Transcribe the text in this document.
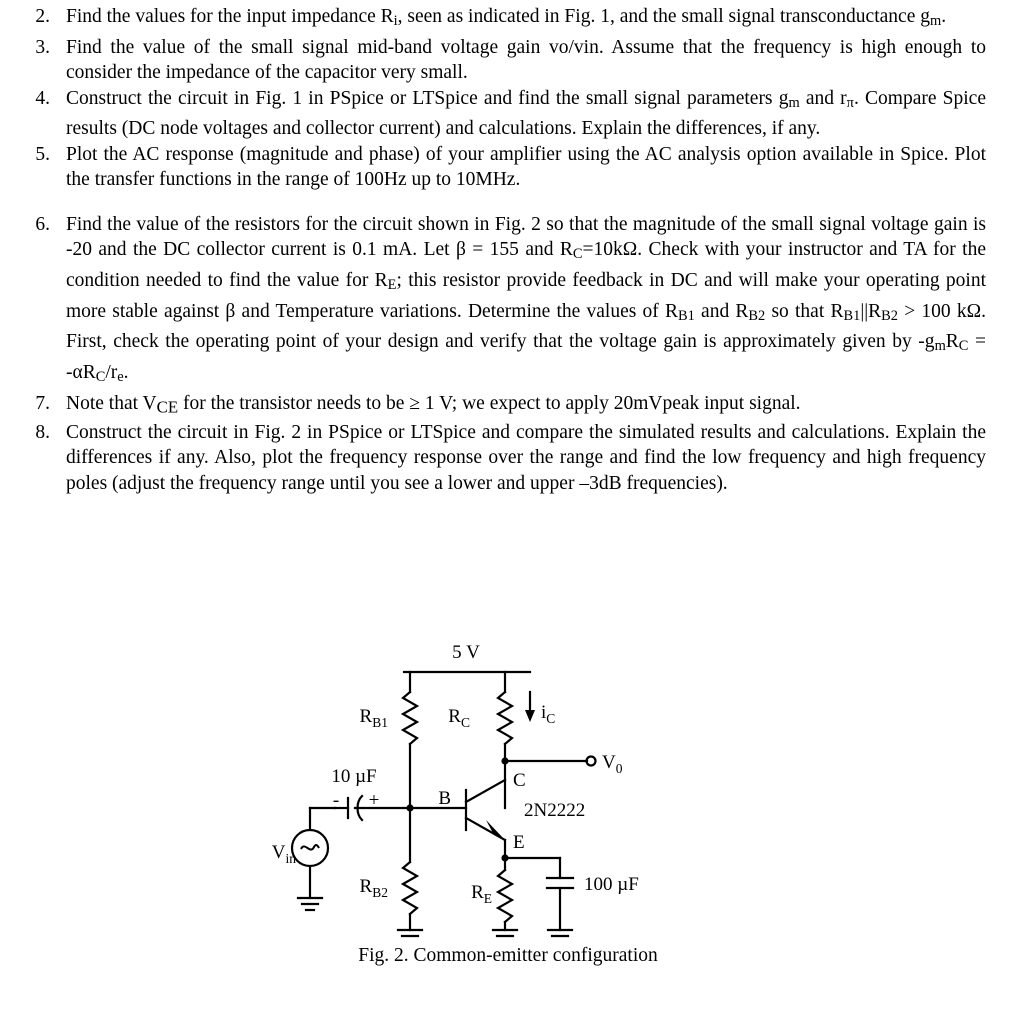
2. Find the values for the input impedance $R_i$, seen as indicated in Fig. 1, and the small signal transconductance $g_m$.
3. Find the value of the small signal mid-band voltage gain vo/vin. Assume that the frequency is high enough to consider the impedance of the capacitor very small.
4. Construct the circuit in Fig. 1 in PSpice or LTSpice and find the small signal parameters $g_m$ and $r_\pi$. Compare Spice results (DC node voltages and collector current) and calculations. Explain the differences, if any.
5. Plot the AC response (magnitude and phase) of your amplifier using the AC analysis option available in Spice. Plot the transfer functions in the range of 100Hz up to 10MHz.
6. Find the value of the resistors for the circuit shown in Fig. 2 so that the magnitude of the small signal voltage gain is -20 and the DC collector current is 0.1 mA. Let β = 155 and $R_C=10k\Omega$. Check with your instructor and TA for the condition needed to find the value for $R_E$; this resistor provide feedback in DC and will make your operating point more stable against β and Temperature variations. Determine the values of $R_{B1}$ and $R_{B2}$ so that $R_{B1}||R_{B2} > 100$ kΩ. First, check the operating point of your design and verify that the voltage gain is approximately given by $-g_mR_C = -\alpha R_C/r_e$.
7. Note that $V_{CE}$ for the transistor needs to be ≥ 1 V; we expect to apply 20mVpeak input signal.
8. Construct the circuit in Fig. 2 in PSpice or LTSpice and compare the simulated results and calculations. Explain the differences if any. Also, plot the frequency response over the range and find the low frequency and high frequency poles (adjust the frequency range until you see a lower and upper –3dB frequencies).
5 V
$R_{B1}$	$R_C$	$i_C$
$V_0$
10 µF
- +	B
C
E
2N2222
$V_{in}$
$R_{B2}$	$R_E$
100 µF
Fig. 2. Common-emitter configuration
